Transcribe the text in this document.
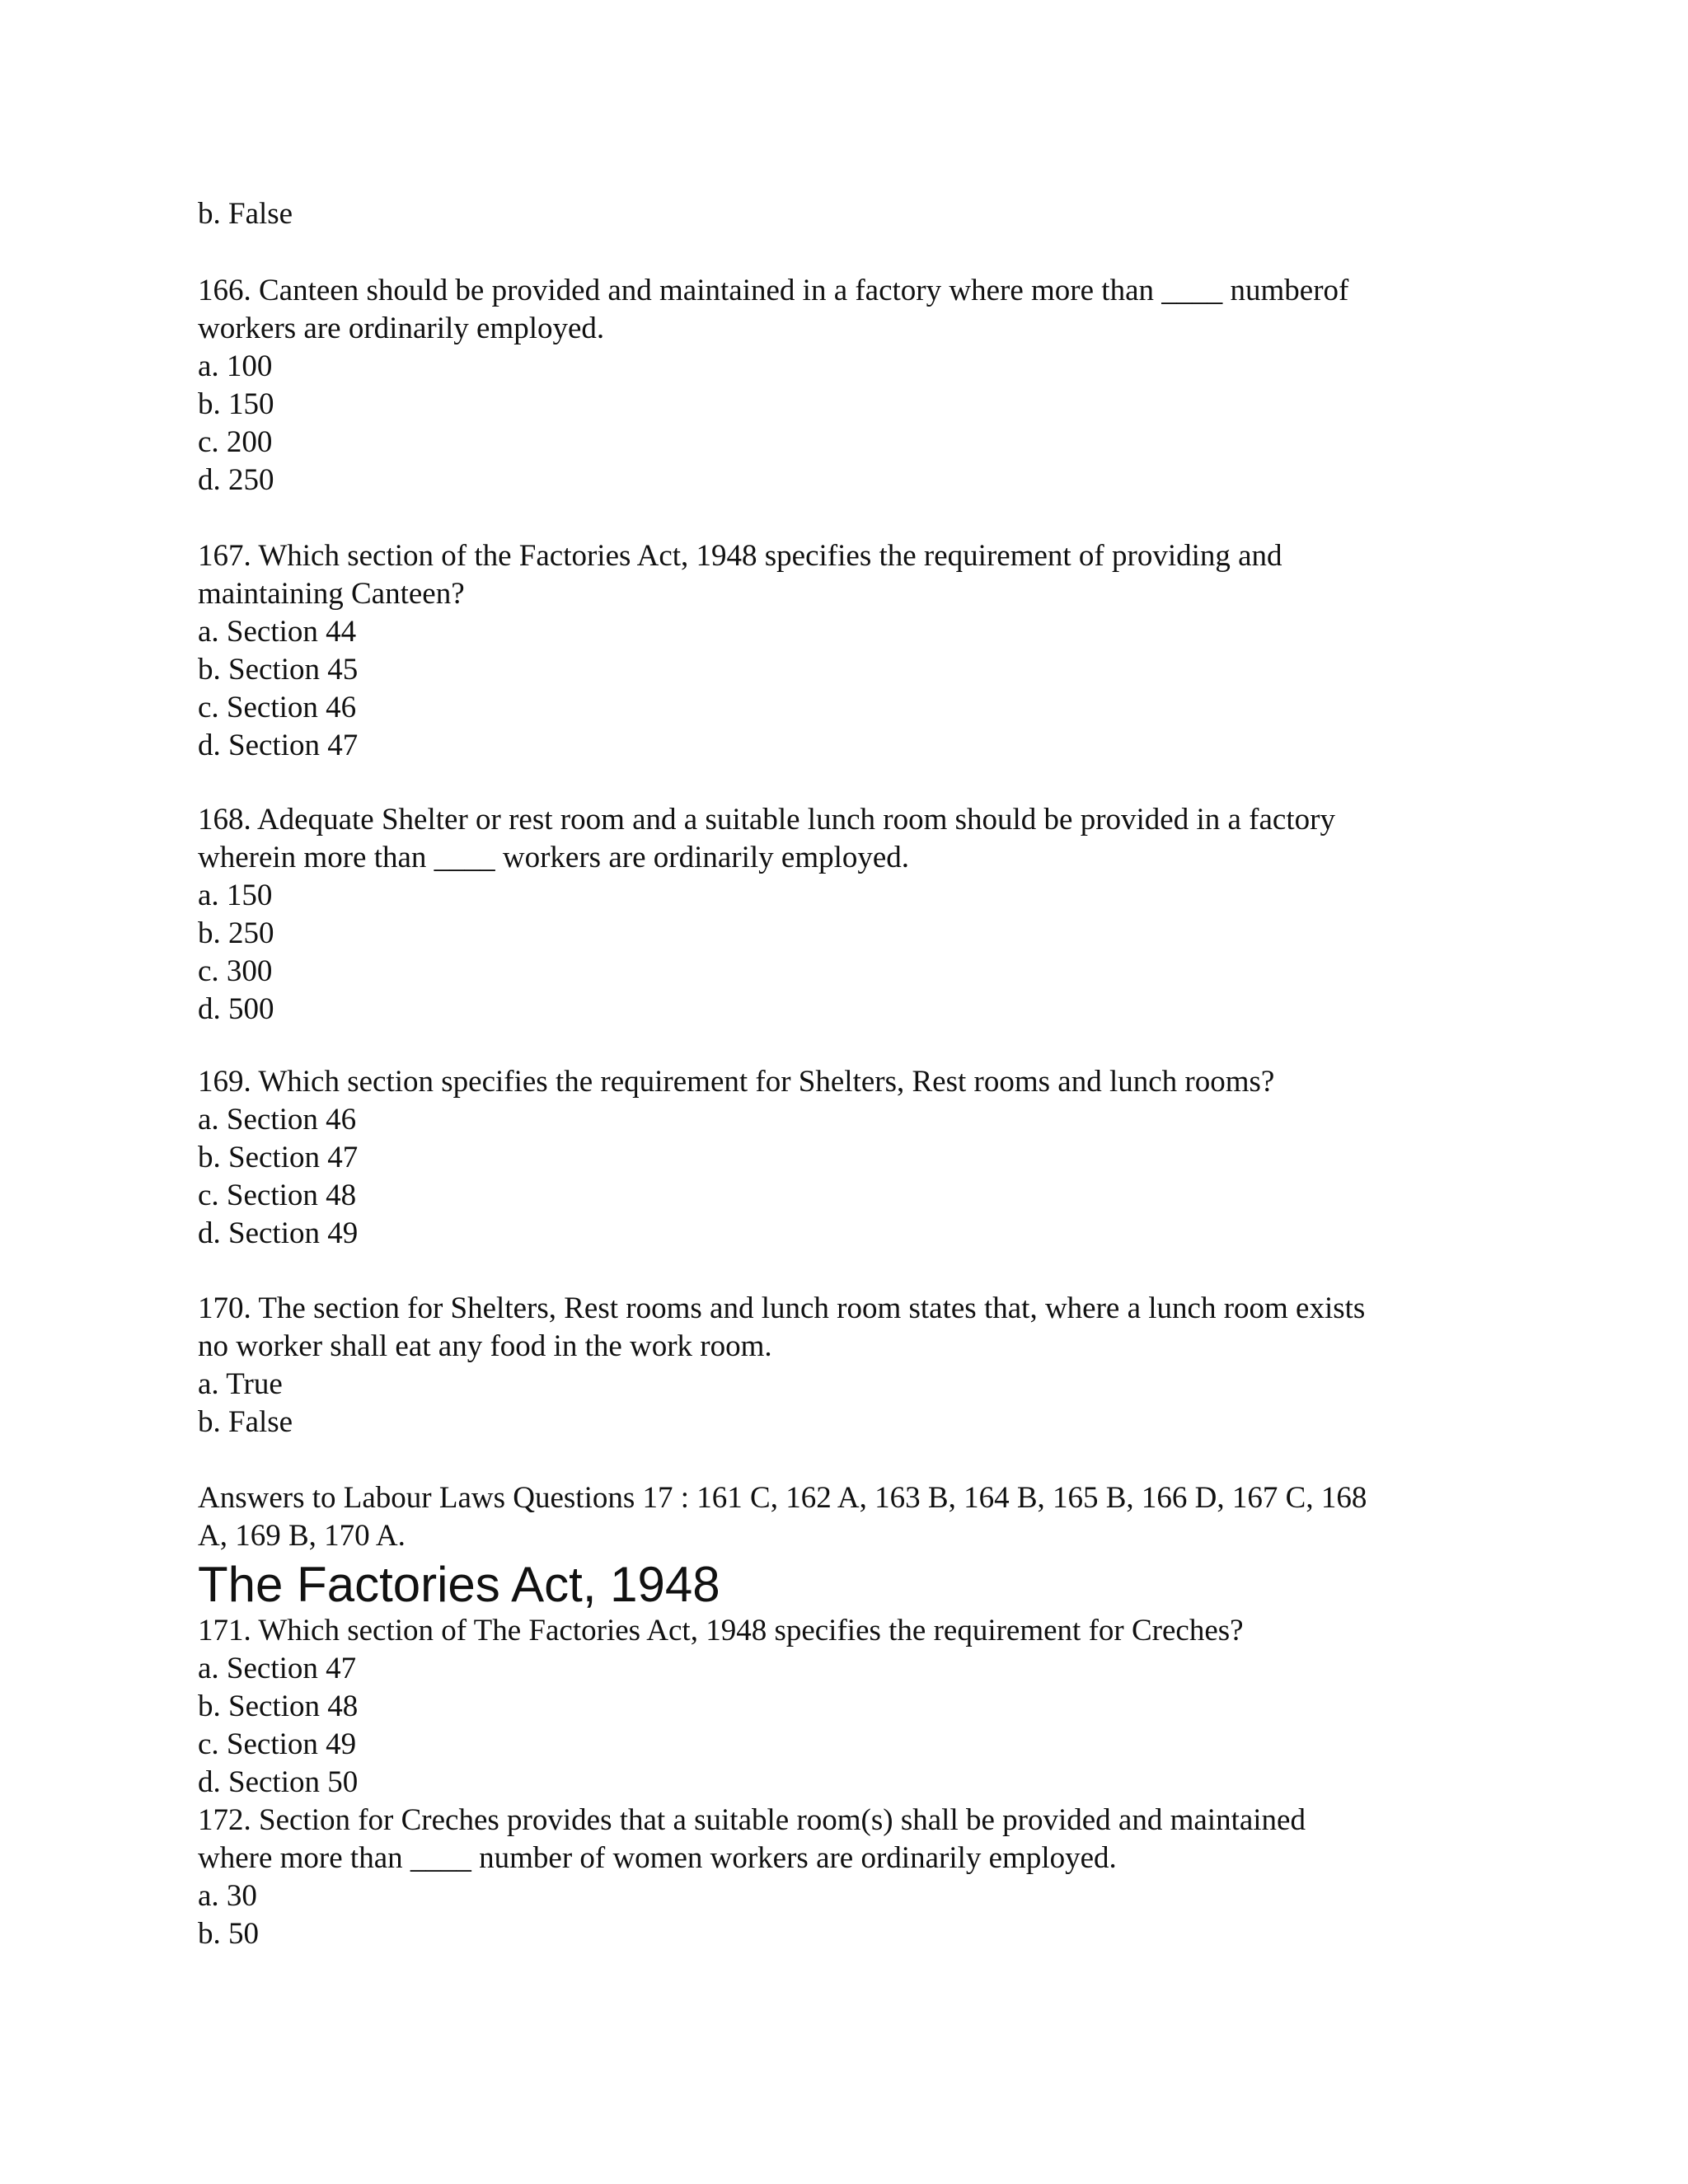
b. False

166. Canteen should be provided and maintained in a factory where more than ____ numberof

workers are ordinarily employed.

a. 100

b. 150

c. 200

d. 250

167. Which section of the Factories Act, 1948 specifies the requirement of providing and

maintaining Canteen?

a. Section 44

b. Section 45

c. Section 46

d. Section 47

168. Adequate Shelter or rest room and a suitable lunch room should be provided in a factory

wherein more than ____ workers are ordinarily employed.

a. 150

b. 250

c. 300

d. 500

169. Which section specifies the requirement for Shelters, Rest rooms and lunch rooms?

a. Section 46

b. Section 47

c. Section 48

d. Section 49

170. The section for Shelters, Rest rooms and lunch room states that, where a lunch room exists

no worker shall eat any food in the work room.

a. True

b. False

Answers to Labour Laws Questions 17 : 161 C, 162 A, 163 B, 164 B, 165 B, 166 D, 167 C, 168

A, 169 B, 170 A.

The Factories Act, 1948

171. Which section of The Factories Act, 1948 specifies the requirement for Creches?

a. Section 47

b. Section 48

c. Section 49

d. Section 50

172. Section for Creches provides that a suitable room(s) shall be provided and maintained

where more than ____ number of women workers are ordinarily employed.

a. 30

b. 50
